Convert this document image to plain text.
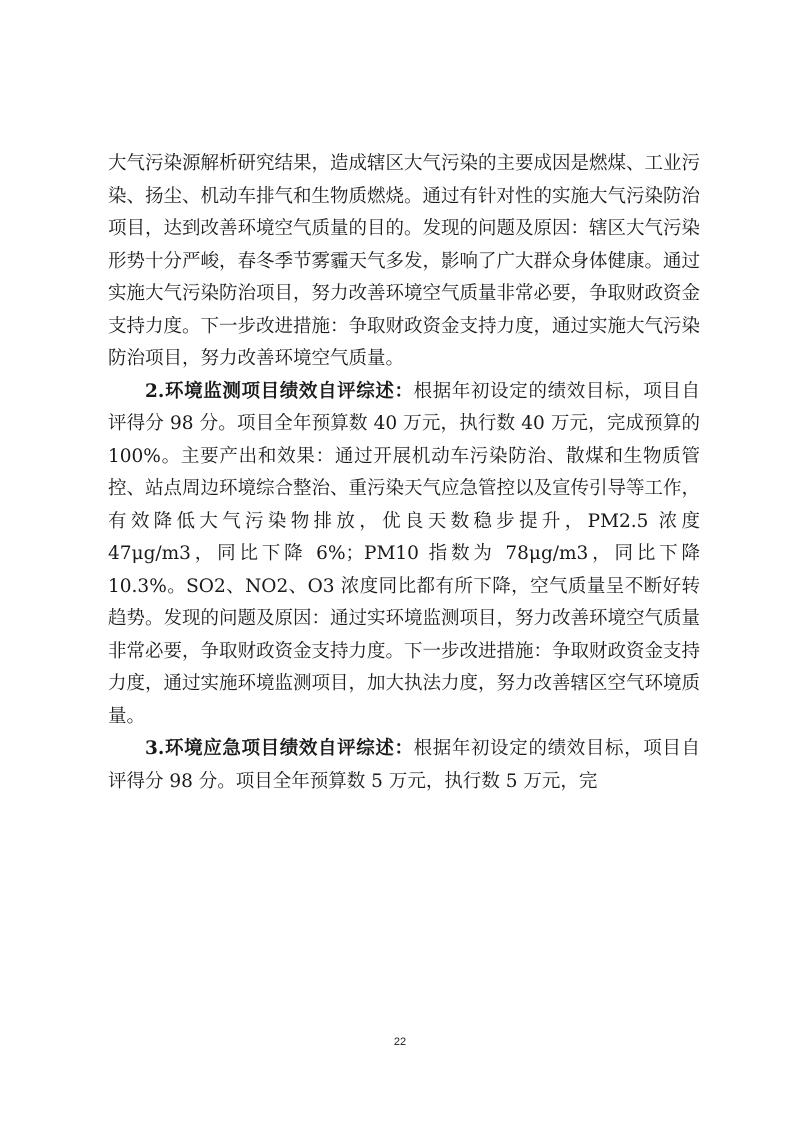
大气污染源解析研究结果，造成辖区大气污染的主要成因是燃煤、工业污染、扬尘、机动车排气和生物质燃烧。通过有针对性的实施大气污染防治项目，达到改善环境空气质量的目的。发现的问题及原因：辖区大气污染形势十分严峻，春冬季节雾霾天气多发，影响了广大群众身体健康。通过实施大气污染防治项目，努力改善环境空气质量非常必要，争取财政资金支持力度。下一步改进措施：争取财政资金支持力度，通过实施大气污染防治项目，努力改善环境空气质量。

2.环境监测项目绩效自评综述：根据年初设定的绩效目标，项目自评得分 98 分。项目全年预算数 40 万元，执行数 40 万元，完成预算的 100%。主要产出和效果：通过开展机动车污染防治、散煤和生物质管控、站点周边环境综合整治、重污染天气应急管控以及宣传引导等工作，有效降低大气污染物排放，优良天数稳步提升，PM2.5 浓度 47μg/m3，同比下降 6%；PM10 指数为 78μg/m3，同比下降 10.3%。SO2、NO2、O3 浓度同比都有所下降，空气质量呈不断好转趋势。发现的问题及原因：通过实环境监测项目，努力改善环境空气质量非常必要，争取财政资金支持力度。下一步改进措施：争取财政资金支持力度，通过实施环境监测项目，加大执法力度，努力改善辖区空气环境质量。

3.环境应急项目绩效自评综述：根据年初设定的绩效目标，项目自评得分 98 分。项目全年预算数 5 万元，执行数 5 万元，完

22
